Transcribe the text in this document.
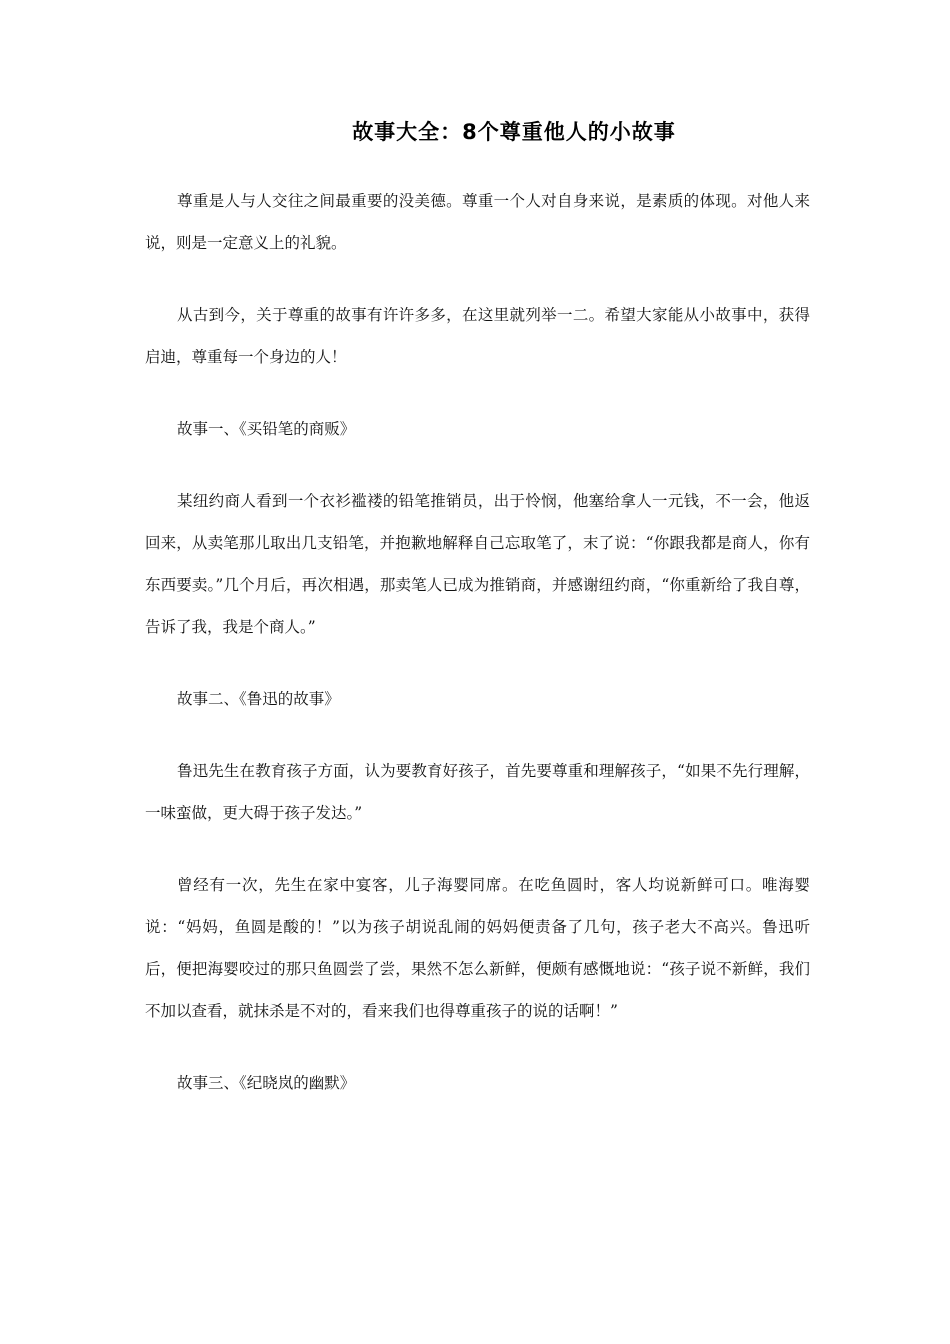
故事大全：8个尊重他人的小故事

尊重是人与人交往之间最重要的没美德。尊重一个人对自身来说，是素质的体现。对他人来说，则是一定意义上的礼貌。

从古到今，关于尊重的故事有许许多多，在这里就列举一二。希望大家能从小故事中，获得启迪，尊重每一个身边的人！

故事一、《买铅笔的商贩》

某纽约商人看到一个衣衫褴褛的铅笔推销员，出于怜悯，他塞给拿人一元钱，不一会，他返回来，从卖笔那儿取出几支铅笔，并抱歉地解释自己忘取笔了，末了说：“你跟我都是商人，你有东西要卖。”几个月后，再次相遇，那卖笔人已成为推销商，并感谢纽约商，“你重新给了我自尊，告诉了我，我是个商人。”

故事二、《鲁迅的故事》

鲁迅先生在教育孩子方面，认为要教育好孩子，首先要尊重和理解孩子，“如果不先行理解，一味蛮做，更大碍于孩子发达。”

曾经有一次，先生在家中宴客，儿子海婴同席。在吃鱼圆时，客人均说新鲜可口。唯海婴说：“妈妈，鱼圆是酸的！”以为孩子胡说乱闹的妈妈便责备了几句，孩子老大不高兴。鲁迅听后，便把海婴咬过的那只鱼圆尝了尝，果然不怎么新鲜，便颇有感慨地说：“孩子说不新鲜，我们不加以查看，就抹杀是不对的，看来我们也得尊重孩子的说的话啊！”

故事三、《纪晓岚的幽默》
